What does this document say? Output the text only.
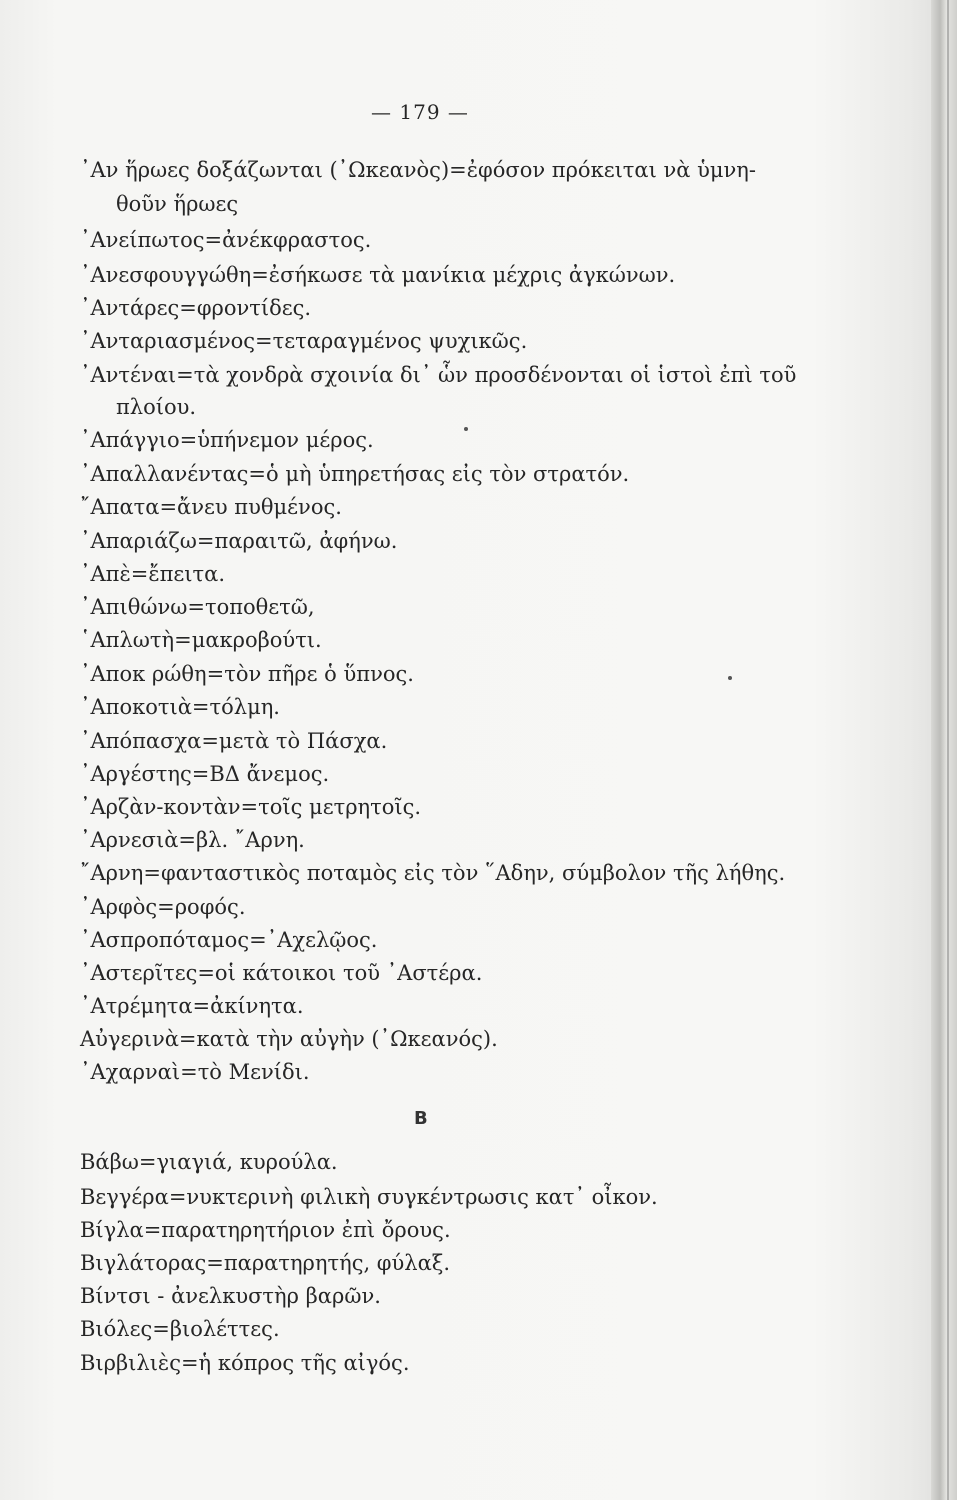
— 179 —
᾿Αν ἥρωες δοξάζωνται (᾿Ωκεανὸς)=ἐφόσον πρόκειται νὰ ὑμνη-
θοῦν ἥρωες
᾿Ανείπωτος=ἀνέκφραστος.
᾿Ανεσφουγγώθη=ἐσήκωσε τὰ μανίκια μέχρις ἀγκώνων.
᾿Αντάρες=φροντίδες.
᾿Ανταριασμένος=τεταραγμένος ψυχικῶς.
᾿Αντέναι=τὰ χονδρὰ σχοινία δι᾿ ὧν προσδένονται οἱ ἱστοὶ ἐπὶ τοῦ
πλοίου.
᾿Απάγγιο=ὑπήνεμον μέρος.
᾿Απαλλανέντας=ὁ μὴ ὑπηρετήσας εἰς τὸν στρατόν.
῎Απατα=ἄνευ πυθμένος.
᾿Απαριάζω=παραιτῶ, ἀφήνω.
᾿Απὲ=ἔπειτα.
᾿Απιθώνω=τοποθετῶ,
῾Απλωτὴ=μακροβούτι.
᾿Αποκ ρώθη=τὸν πῆρε ὁ ὕπνος.
᾿Αποκοτιὰ=τόλμη.
᾿Απόπασχα=μετὰ τὸ Πάσχα.
᾿Αργέστης=ΒΔ ἄνεμος.
᾿Αρζὰν-κοντὰν=τοῖς μετρητοῖς.
᾿Αρνεσιὰ=βλ. ῎Αρνη.
῎Αρνη=φανταστικὸς ποταμὸς εἰς τὸν ῞Αδην, σύμβολον τῆς λήθης.
᾿Αρφὸς=ροφός.
᾿Ασπροπόταμος=᾿Αχελῷος.
᾿Αστερῖτες=οἱ κάτοικοι τοῦ ᾿Αστέρα.
᾿Ατρέμητα=ἀκίνητα.
Αὐγερινὰ=κατὰ τὴν αὐγὴν (᾿Ωκεανός).
᾿Αχαρναὶ=τὸ Μενίδι.
Β
Βάβω=γιαγιά, κυρούλα.
Βεγγέρα=νυκτερινὴ φιλικὴ συγκέντρωσις κατ᾿ οἶκον.
Βίγλα=παρατηρητήριον ἐπὶ ὄρους.
Βιγλάτορας=παρατηρητής, φύλαξ.
Βίντσι - ἀνελκυστὴρ βαρῶν.
Βιόλες=βιολέττες.
Βιρβιλιὲς=ἡ κόπρος τῆς αἰγός.
